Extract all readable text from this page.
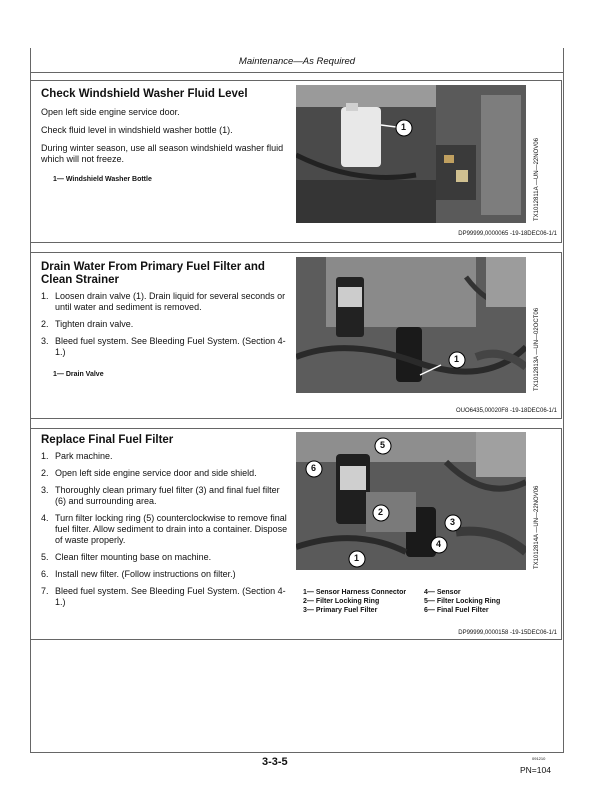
Maintenance—As Required
Check Windshield Washer Fluid Level

Open left side engine service door.

Check fluid level in windshield washer bottle (1).

During winter season, use all season windshield washer fluid which will not freeze.

1— Windshield Washer Bottle
1
TX1012811A —UN—22NOV06
DP99999,0000065 -19-18DEC06-1/1
Drain Water From Primary Fuel Filter and Clean Strainer
1. Loosen drain valve (1). Drain liquid for several seconds or until water and sediment is removed.
2. Tighten drain valve.
3. Bleed fuel system. See Bleeding Fuel System. (Section 4-1.)
1— Drain Valve
1	TX1012813A —UN—02OCT06
OUO6435,00020F8 -19-18DEC06-1/1
Replace Final Fuel Filter
1. Park machine.
2. Open left side engine service door and side shield.
3. Thoroughly clean primary fuel filter (3) and final fuel filter (6) and surrounding area.
4. Turn filter locking ring (5) counterclockwise to remove final fuel filter. Allow sediment to drain into a container. Dispose of waste properly.
5. Clean filter mounting base on machine.
6. Install new filter. (Follow instructions on filter.)
7. Bleed fuel system. See Bleeding Fuel System. (Section 4-1.)
5
6
2
3
4
1	TX1012814A —UN—22NOV06
1— Sensor Harness Connector
2— Filter Locking Ring
3— Primary Fuel Filter
4— Sensor
5— Filter Locking Ring
6— Final Fuel Filter
DP99999,0000158 -19-15DEC06-1/1
3-3-5	091210
PN=104
